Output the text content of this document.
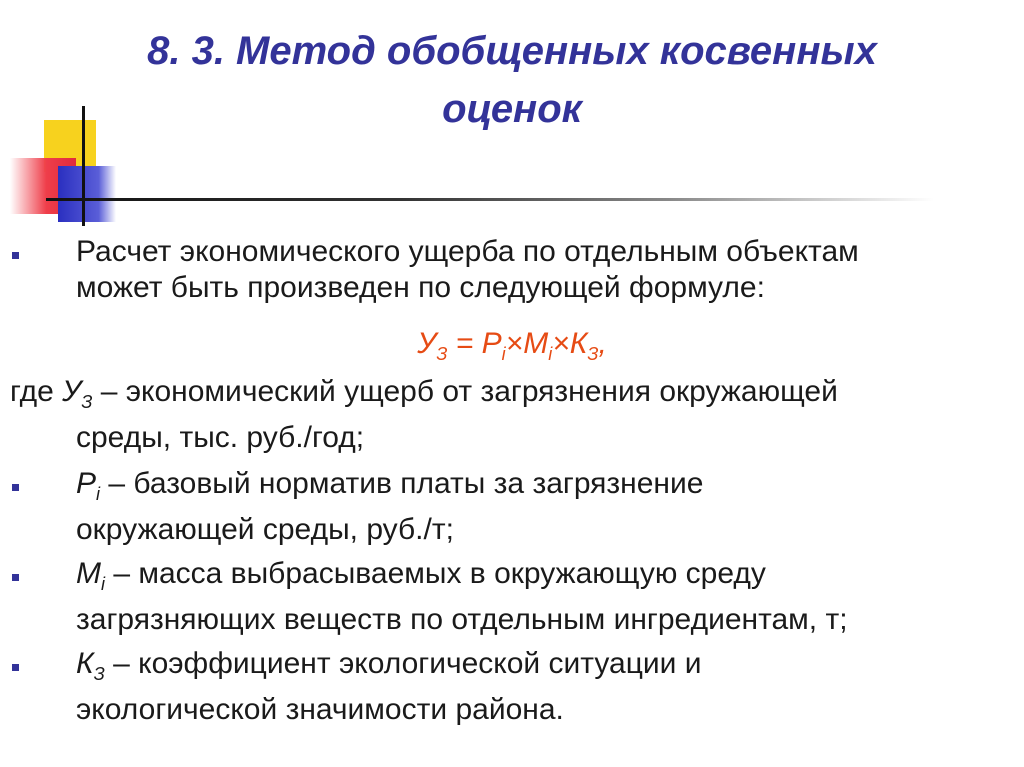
8. 3. Метод обобщенных косвенных
оценок
Расчет экономического ущерба по отдельным объектам
может быть произведен по следующей формуле:
$У_З = P_i\times M_i\times К_З$,
где $У_З$ – экономический ущерб от загрязнения окружающей
среды, тыс. руб./год;
$P_i$ – базовый норматив платы за загрязнение
окружающей среды, руб./т;
$M_i$ – масса выбрасываемых в окружающую среду
загрязняющих веществ по отдельным ингредиентам, т;
$К_З$ – коэффициент экологической ситуации и
экологической значимости района.
